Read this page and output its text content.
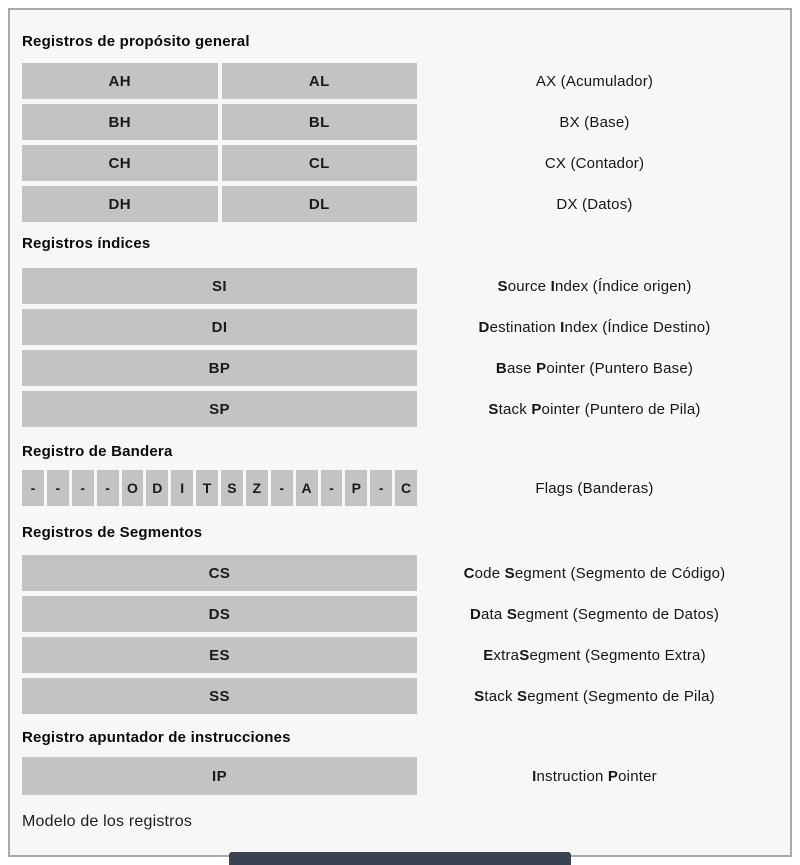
Registros de propósito general
AH	AL	AX (Acumulador)
BH	BL	BX (Base)
CH	CL	CX (Contador)
DH	DL	DX (Datos)
Registros índices
SI	Source Index (Índice origen)
DI	Destination Index (Índice Destino)
BP	Base Pointer (Puntero Base)
SP	Stack Pointer (Puntero de Pila)
Registro de Bandera
-	-	-	-	O	D	I	T	S	Z	-	A	-	P	-	C	Flags (Banderas)
Registros de Segmentos
CS	Code Segment (Segmento de Código)
DS	Data Segment (Segmento de Datos)
ES	ExtraSegment (Segmento Extra)
SS	Stack Segment (Segmento de Pila)
Registro apuntador de instrucciones
IP	Instruction Pointer
Modelo de los registros
